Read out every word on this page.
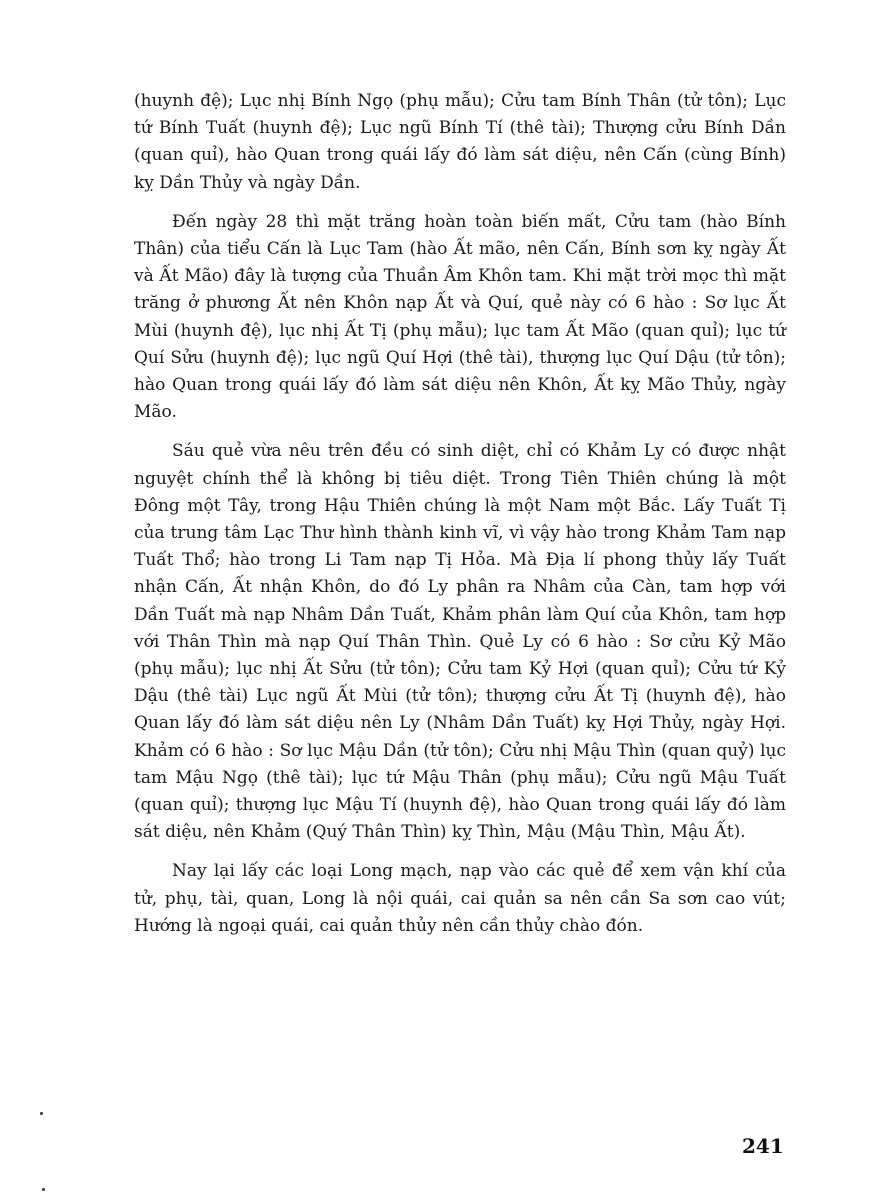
(huynh đệ); Lục nhị Bính Ngọ (phụ mẫu); Cửu tam Bính Thân (tử tôn); Lục tứ Bính Tuất (huynh đệ); Lục ngũ Bính Tí (thê tài); Thượng cửu Bính Dần (quan quỉ), hào Quan trong quái lấy đó làm sát diệu, nên Cấn (cùng Bính) kỵ Dần Thủy và ngày Dần.

Đến ngày 28 thì mặt trăng hoàn toàn biến mất, Cửu tam (hào Bính Thân) của tiểu Cấn là Lục Tam (hào Ất mão, nên Cấn, Bính sơn kỵ ngày Ất và Ất Mão) đây là tượng của Thuần Âm Khôn tam. Khi mặt trời mọc thì mặt trăng ở phương Ất nên Khôn nạp Ất và Quí, quẻ này có 6 hào : Sơ lục Ất Mùi (huynh đệ), lục nhị Ất Tị (phụ mẫu); lục tam Ất Mão (quan quỉ); lục tứ Quí Sửu (huynh đệ); lục ngũ Quí Hợi (thê tài), thượng lục Quí Dậu (tử tôn); hào Quan trong quái lấy đó làm sát diệu nên Khôn, Ất kỵ Mão Thủy, ngày Mão.

Sáu quẻ vừa nêu trên đều có sinh diệt, chỉ có Khảm Ly có được nhật nguyệt chính thể là không bị tiêu diệt. Trong Tiên Thiên chúng là một Đông một Tây, trong Hậu Thiên chúng là một Nam một Bắc. Lấy Tuất Tị của trung tâm Lạc Thư hình thành kinh vĩ, vì vậy hào trong Khảm Tam nạp Tuất Thổ; hào trong Li Tam nạp Tị Hỏa. Mà Địa lí phong thủy lấy Tuất nhận Cấn, Ất nhận Khôn, do đó Ly phân ra Nhâm của Càn, tam hợp với Dần Tuất mà nạp Nhâm Dần Tuất, Khảm phân làm Quí của Khôn, tam hợp với Thân Thìn mà nạp Quí Thân Thìn. Quẻ Ly có 6 hào : Sơ cửu Kỷ Mão (phụ mẫu); lục nhị Ất Sửu (tử tôn); Cửu tam Kỷ Hợi (quan quỉ); Cửu tứ Kỷ Dậu (thê tài) Lục ngũ Ất Mùi (tử tôn); thượng cửu Ất Tị (huynh đệ), hào Quan lấy đó làm sát diệu nên Ly (Nhâm Dần Tuất) kỵ Hợi Thủy, ngày Hợi. Khảm có 6 hào : Sơ lục Mậu Dần (tử tôn); Cửu nhị Mậu Thìn (quan quỷ) lục tam Mậu Ngọ (thê tài); lục tứ Mậu Thân (phụ mẫu); Cửu ngũ Mậu Tuất (quan quỉ); thượng lục Mậu Tí (huynh đệ), hào Quan trong quái lấy đó làm sát diệu, nên Khảm (Quý Thân Thìn) kỵ Thìn, Mậu (Mậu Thìn, Mậu Ất).

Nay lại lấy các loại Long mạch, nạp vào các quẻ để xem vận khí của tử, phụ, tài, quan, Long là nội quái, cai quản sa nên cần Sa sơn cao vút; Hướng là ngoại quái, cai quản thủy nên cần thủy chào đón.

241
